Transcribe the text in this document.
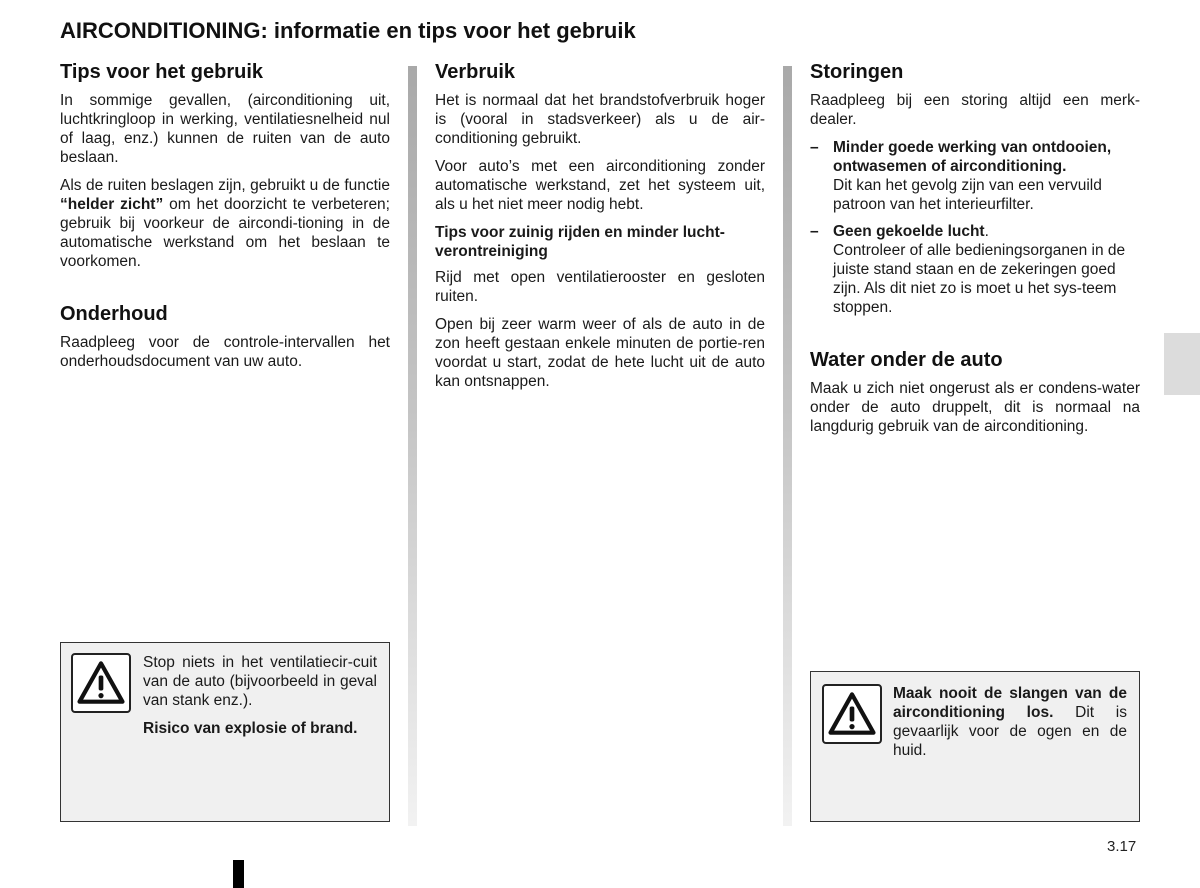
AIRCONDITIONING: informatie en tips voor het gebruik
Tips voor het gebruik

In sommige gevallen, (airconditioning uit, luchtkringloop in werking, ventilatiesnelheid nul of laag, enz.) kunnen de ruiten van de auto beslaan.

Als de ruiten beslagen zijn, gebruikt u de functie “helder zicht” om het doorzicht te verbeteren; gebruik bij voorkeur de aircondi-tioning in de automatische werkstand om het beslaan te voorkomen.

Onderhoud

Raadpleeg voor de controle-intervallen het onderhoudsdocument van uw auto.

Verbruik

Het is normaal dat het brandstofverbruik hoger is (vooral in stadsverkeer) als u de air-conditioning gebruikt.

Voor auto’s met een airconditioning zonder automatische werkstand, zet het systeem uit, als u het niet meer nodig hebt.

Tips voor zuinig rijden en minder lucht-verontreiniging

Rijd met open ventilatierooster en gesloten ruiten.

Open bij zeer warm weer of als de auto in de zon heeft gestaan enkele minuten de portie-ren voordat u start, zodat de hete lucht uit de auto kan ontsnappen.

Storingen

Raadpleeg bij een storing altijd een merk-dealer.

– Minder goede werking van ontdooien, ontwasemen of airconditioning.
Dit kan het gevolg zijn van een vervuild patroon van het interieurfilter.
– Geen gekoelde lucht.
Controleer of alle bedieningsorganen in de juiste stand staan en de zekeringen goed zijn. Als dit niet zo is moet u het sys-teem stoppen.
Water onder de auto

Maak u zich niet ongerust als er condens-water onder de auto druppelt, dit is normaal na langdurig gebruik van de airconditioning.

Stop niets in het ventilatiecir-cuit van de auto (bijvoorbeeld in geval van stank enz.).

Risico van explosie of brand.

Maak nooit de slangen van de airconditioning los. Dit is gevaarlijk voor de ogen en de huid.

3.17
